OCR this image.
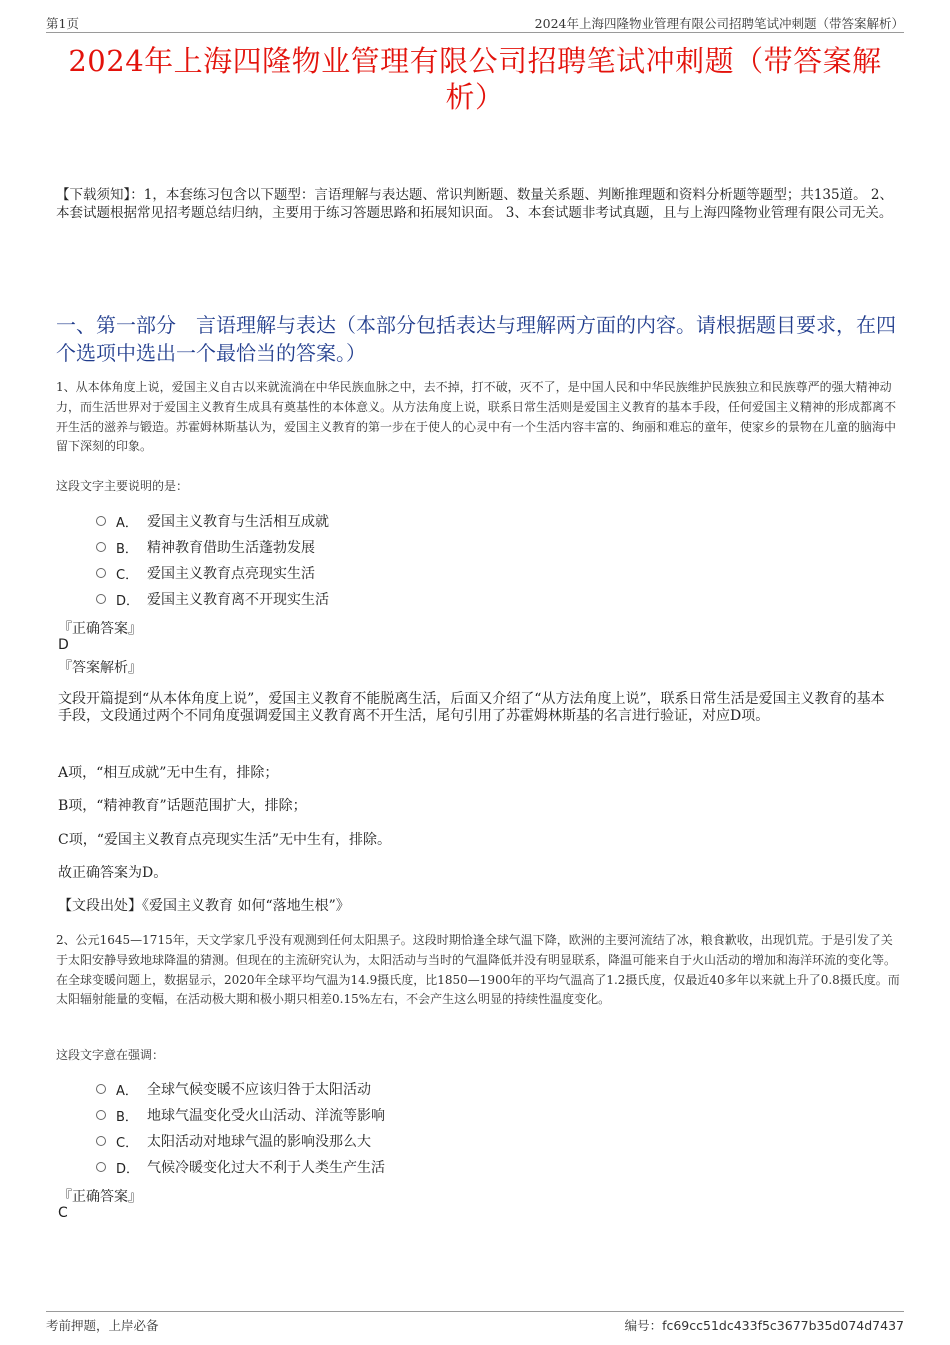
第1页	2024年上海四隆物业管理有限公司招聘笔试冲刺题（带答案解析）
2024年上海四隆物业管理有限公司招聘笔试冲刺题（带答案解析）
【下载须知】：1，本套练习包含以下题型：言语理解与表达题、常识判断题、数量关系题、判断推理题和资料分析题等题型；共135道。 2、本套试题根据常见招考题总结归纳，主要用于练习答题思路和拓展知识面。 3、本套试题非考试真题，且与上海四隆物业管理有限公司无关。
一、第一部分　言语理解与表达（本部分包括表达与理解两方面的内容。请根据题目要求，在四个选项中选出一个最恰当的答案。）
1、从本体角度上说，爱国主义自古以来就流淌在中华民族血脉之中，去不掉，打不破，灭不了，是中国人民和中华民族维护民族独立和民族尊严的强大精神动力，而生活世界对于爱国主义教育生成具有奠基性的本体意义。从方法角度上说，联系日常生活则是爱国主义教育的基本手段，任何爱国主义精神的形成都离不开生活的滋养与锻造。苏霍姆林斯基认为，爱国主义教育的第一步在于使人的心灵中有一个生活内容丰富的、绚丽和难忘的童年，使家乡的景物在儿童的脑海中留下深刻的印象。
这段文字主要说明的是：
A． 爱国主义教育与生活相互成就
B． 精神教育借助生活蓬勃发展
C． 爱国主义教育点亮现实生活
D． 爱国主义教育离不开现实生活
『正确答案』
D
『答案解析』
文段开篇提到“从本体角度上说”，爱国主义教育不能脱离生活，后面又介绍了“从方法角度上说”，联系日常生活是爱国主义教育的基本手段，文段通过两个不同角度强调爱国主义教育离不开生活，尾句引用了苏霍姆林斯基的名言进行验证，对应D项。
A项，“相互成就”无中生有，排除；
B项，“精神教育”话题范围扩大，排除；
C项，“爱国主义教育点亮现实生活”无中生有，排除。
故正确答案为D。
【文段出处】《爱国主义教育 如何“落地生根”》
2、公元1645—1715年，天文学家几乎没有观测到任何太阳黑子。这段时期恰逢全球气温下降，欧洲的主要河流结了冰，粮食歉收，出现饥荒。于是引发了关于太阳安静导致地球降温的猜测。但现在的主流研究认为，太阳活动与当时的气温降低并没有明显联系，降温可能来自于火山活动的增加和海洋环流的变化等。在全球变暖问题上，数据显示，2020年全球平均气温为14.9摄氏度，比1850—1900年的平均气温高了1.2摄氏度，仅最近40多年以来就上升了0.8摄氏度。而太阳辐射能量的变幅，在活动极大期和极小期只相差0.15%左右，不会产生这么明显的持续性温度变化。
这段文字意在强调：
A． 全球气候变暖不应该归咎于太阳活动
B． 地球气温变化受火山活动、洋流等影响
C． 太阳活动对地球气温的影响没那么大
D． 气候冷暖变化过大不利于人类生产生活
『正确答案』
C
考前押题，上岸必备	编号：fc69cc51dc433f5c3677b35d074d7437
